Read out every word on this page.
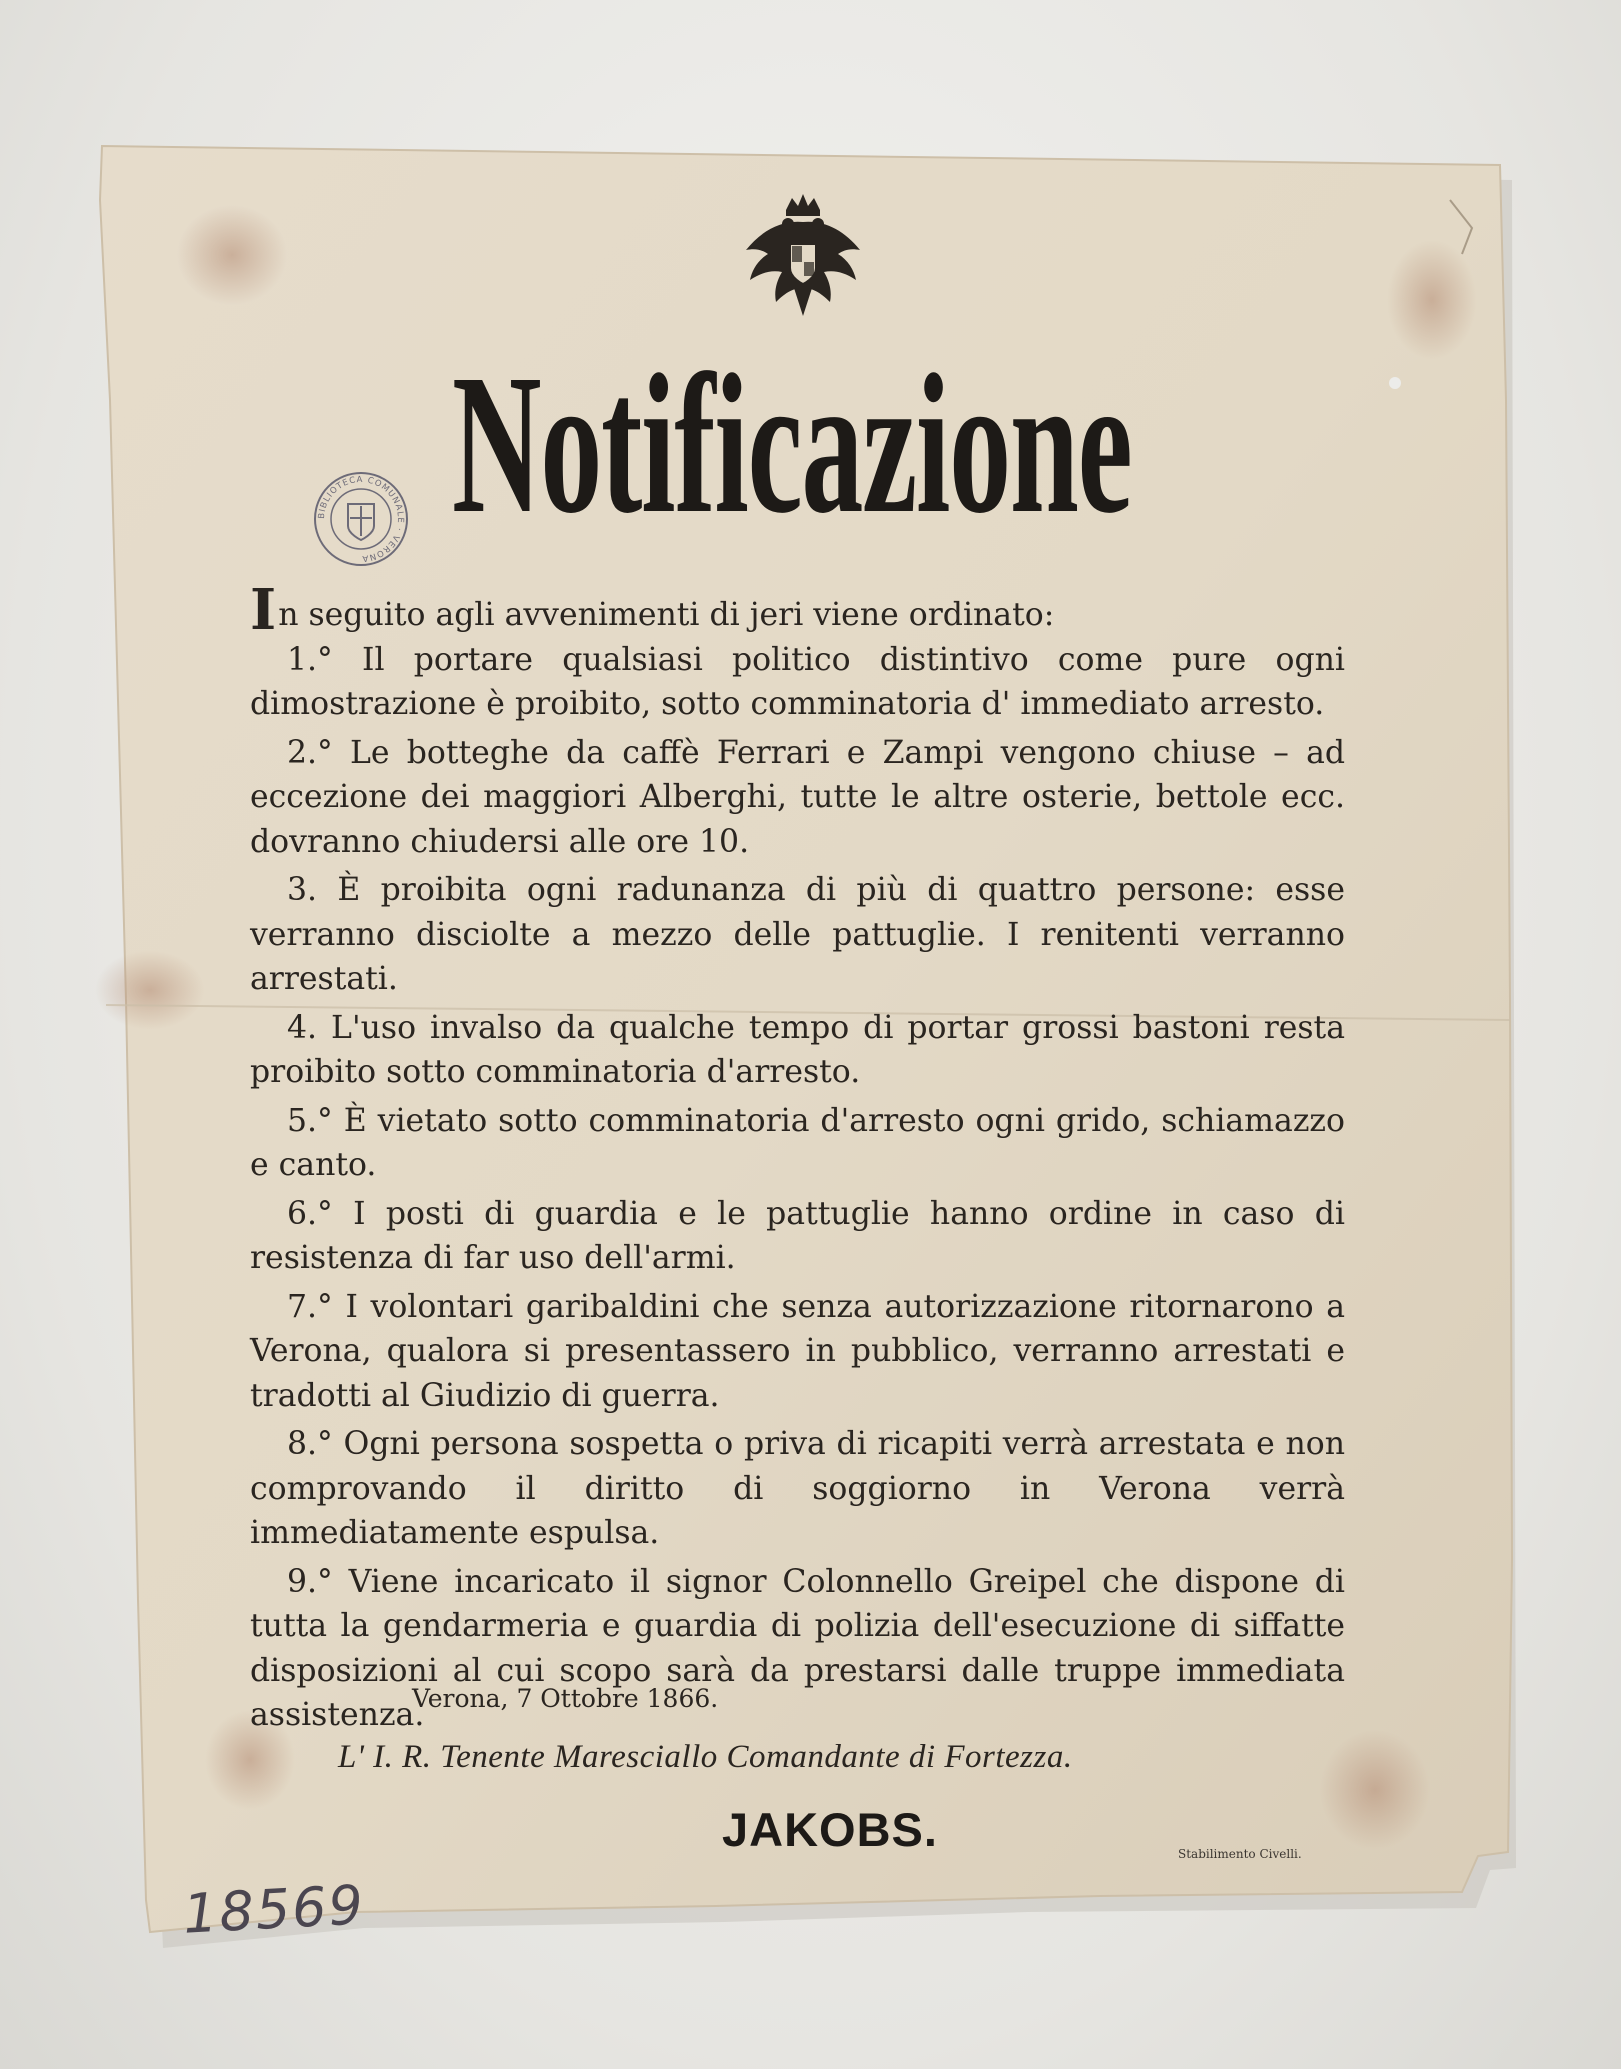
BIBLIOTECA COMUNALE · VERONA
Notificazione
In seguito agli avvenimenti di jeri viene ordinato:

1.° Il portare qualsiasi politico distintivo come pure ogni dimostrazione è proibito, sotto comminatoria d' immediato arresto.

2.° Le botteghe da caffè Ferrari e Zampi vengono chiuse – ad eccezione dei maggiori Alberghi, tutte le altre osterie, bettole ecc. dovranno chiudersi alle ore 10.

3. È proibita ogni radunanza di più di quattro persone: esse verranno disciolte a mezzo delle pattuglie. I renitenti verranno arrestati.

4. L'uso invalso da qualche tempo di portar grossi bastoni resta proibito sotto comminatoria d'arresto.

5.° È vietato sotto comminatoria d'arresto ogni grido, schiamazzo e canto.

6.° I posti di guardia e le pattuglie hanno ordine in caso di resistenza di far uso dell'armi.

7.° I volontari garibaldini che senza autorizzazione ritornarono a Verona, qualora si presentassero in pubblico, verranno arrestati e tradotti al Giudizio di guerra.

8.° Ogni persona sospetta o priva di ricapiti verrà arrestata e non comprovando il diritto di soggiorno in Verona verrà immediatamente espulsa.

9.° Viene incaricato il signor Colonnello Greipel che dispone di tutta la gendarmeria e guardia di polizia dell'esecuzione di siffatte disposizioni al cui scopo sarà da prestarsi dalle truppe immediata assistenza.

Verona, 7 Ottobre 1866.
L' I. R. Tenente Maresciallo Comandante di Fortezza.
JAKOBS.	Stabilimento Civelli.
18569
